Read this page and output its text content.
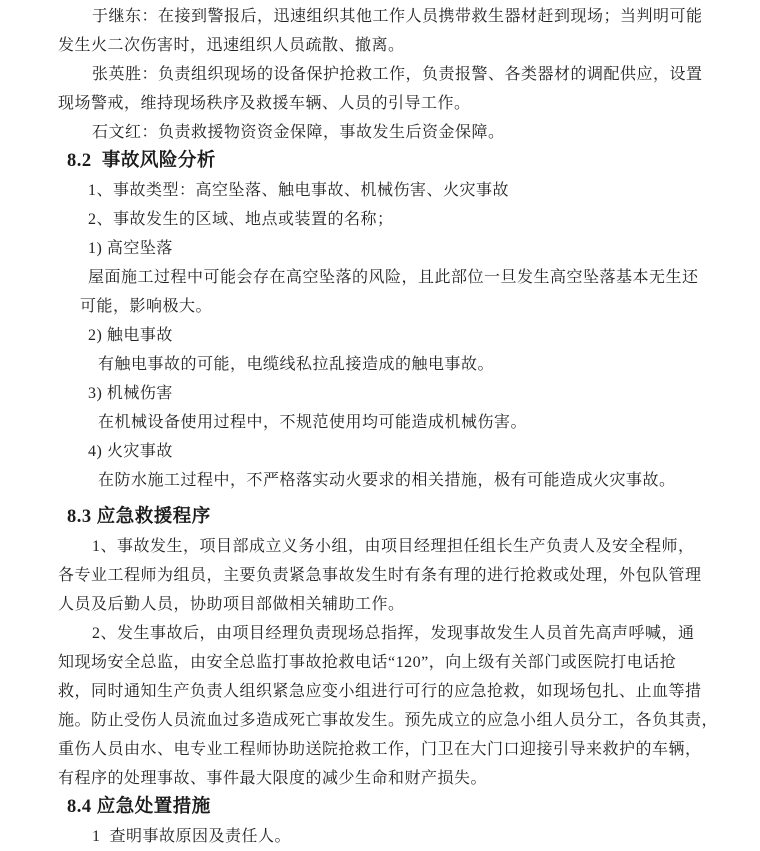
于继东：在接到警报后，迅速组织其他工作人员携带救生器材赶到现场；当判明可能
发生火二次伤害时，迅速组织人员疏散、撤离。
张英胜：负责组织现场的设备保护抢救工作，负责报警、各类器材的调配供应，设置
现场警戒，维持现场秩序及救援车辆、人员的引导工作。
石文红：负责救援物资资金保障，事故发生后资金保障。
8.2  事故风险分析
1、事故类型：高空坠落、触电事故、机械伤害、火灾事故
2、事故发生的区域、地点或装置的名称；
1) 高空坠落
屋面施工过程中可能会存在高空坠落的风险，且此部位一旦发生高空坠落基本无生还
可能，影响极大。
2) 触电事故
有触电事故的可能，电缆线私拉乱接造成的触电事故。
3) 机械伤害
在机械设备使用过程中，不规范使用均可能造成机械伤害。
4) 火灾事故
在防水施工过程中，不严格落实动火要求的相关措施，极有可能造成火灾事故。
8.3 应急救援程序
1、事故发生，项目部成立义务小组，由项目经理担任组长生产负责人及安全程师，
各专业工程师为组员，主要负责紧急事故发生时有条有理的进行抢救或处理，外包队管理
人员及后勤人员，协助项目部做相关辅助工作。
2、发生事故后，由项目经理负责现场总指挥，发现事故发生人员首先高声呼喊，通
知现场安全总监，由安全总监打事故抢救电话“120”，向上级有关部门或医院打电话抢
救，同时通知生产负责人组织紧急应变小组进行可行的应急抢救，如现场包扎、止血等措
施。防止受伤人员流血过多造成死亡事故发生。预先成立的应急小组人员分工，各负其责，
重伤人员由水、电专业工程师协助送院抢救工作，门卫在大门口迎接引导来救护的车辆，
有程序的处理事故、事件最大限度的减少生命和财产损失。
8.4 应急处置措施
1  查明事故原因及责任人。
